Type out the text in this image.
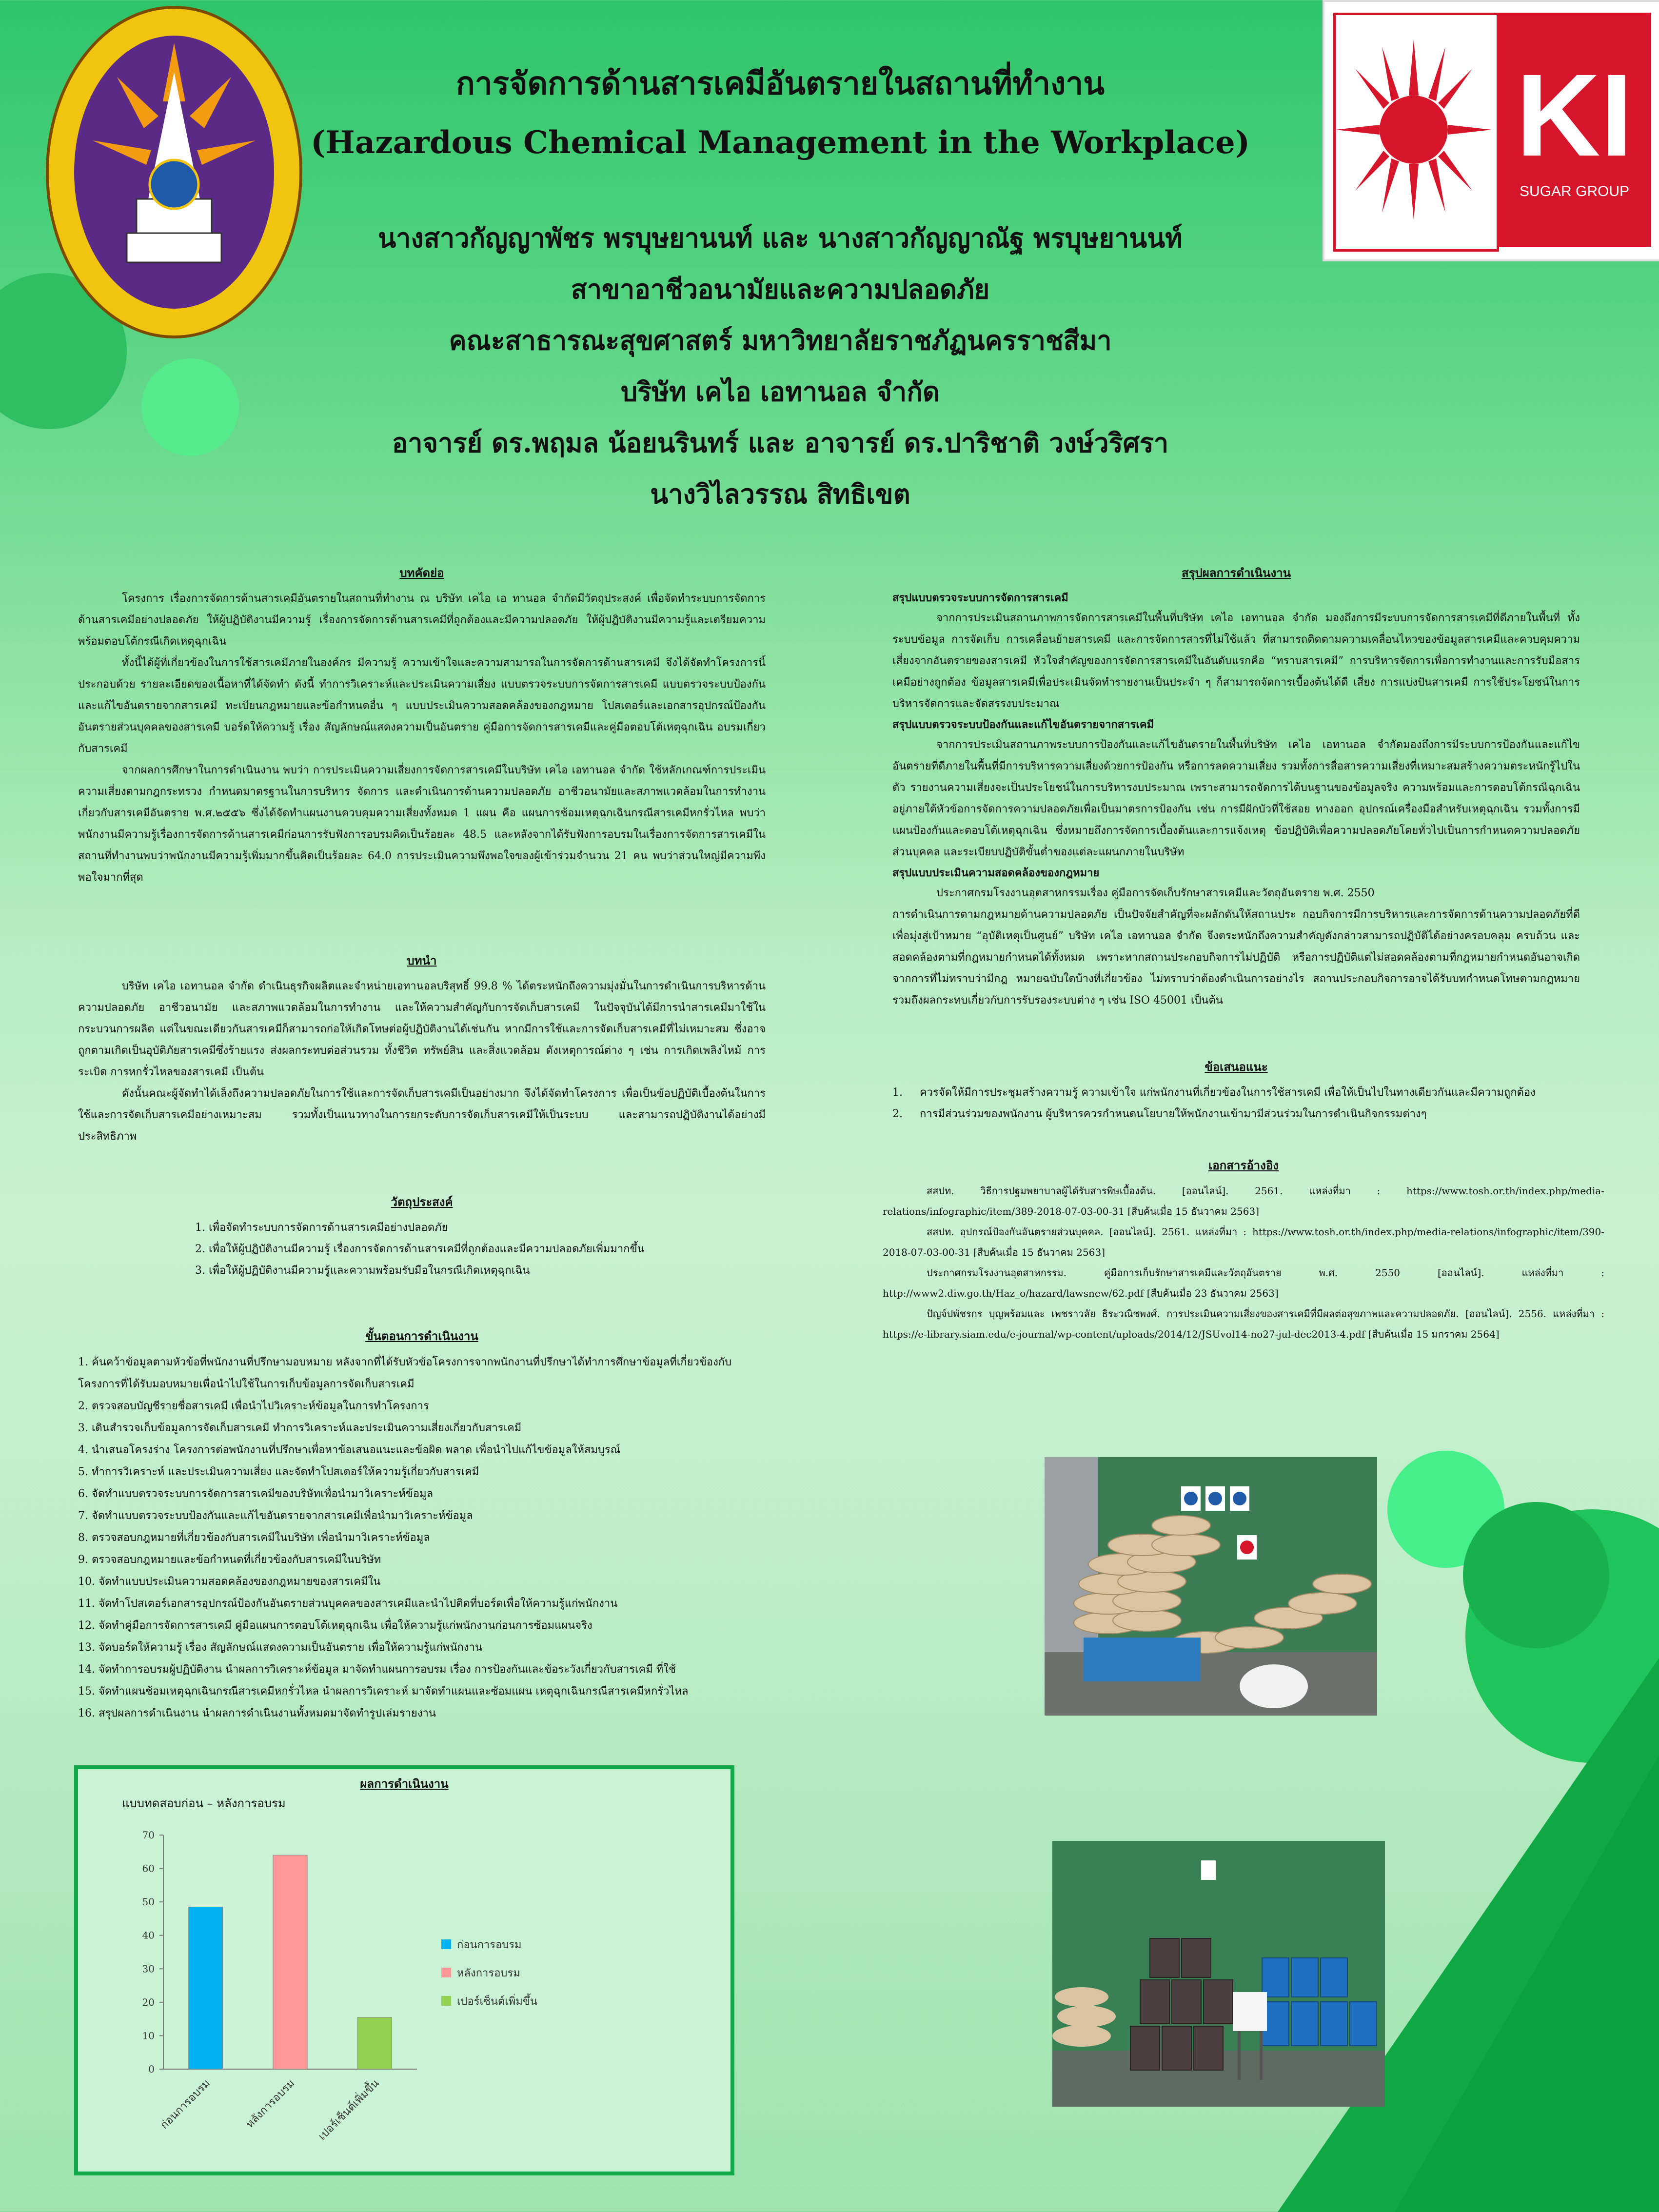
KI
SUGAR GROUP
การจัดการด้านสารเคมีอันตรายในสถานที่ทำงาน
(Hazardous Chemical Management in the Workplace)
นางสาวกัญญาพัชร พรบุษยานนท์ และ นางสาวกัญญาณัฐ พรบุษยานนท์
สาขาอาชีวอนามัยและความปลอดภัย
คณะสาธารณะสุขศาสตร์ มหาวิทยาลัยราชภัฏนครราชสีมา
บริษัท เคไอ เอทานอล จำกัด
อาจารย์ ดร.พฤมล น้อยนรินทร์ และ อาจารย์ ดร.ปาริชาติ วงษ์วริศรา
นางวิไลวรรณ สิทธิเขต
บทคัดย่อ

โครงการ เรื่องการจัดการด้านสารเคมีอันตรายในสถานที่ทำงาน ณ บริษัท เคไอ เอ ทานอล จำกัดมีวัตถุประสงค์ เพื่อจัดทำระบบการจัดการด้านสารเคมีอย่างปลอดภัย ให้ผู้ปฏิบัติงานมีความรู้ เรื่องการจัดการด้านสารเคมีที่ถูกต้องและมีความปลอดภัย ให้ผู้ปฏิบัติงานมีความรู้และเตรียมความพร้อมตอบโต้กรณีเกิดเหตุฉุกเฉิน

ทั้งนี้ได้ผู้ที่เกี่ยวข้องในการใช้สารเคมีภายในองค์กร มีความรู้ ความเข้าใจและความสามารถในการจัดการด้านสารเคมี จึงได้จัดทำโครงการนี้ประกอบด้วย รายละเอียดของเนื้อหาที่ได้จัดทำ ดังนี้ ทำการวิเคราะห์และประเมินความเสี่ยง แบบตรวจระบบการจัดการสารเคมี แบบตรวจระบบป้องกันและแก้ไขอันตรายจากสารเคมี ทะเบียนกฎหมายและข้อกำหนดอื่น ๆ แบบประเมินความสอดคล้องของกฎหมาย โปสเตอร์และเอกสารอุปกรณ์ป้องกันอันตรายส่วนบุคคลของสารเคมี บอร์ดให้ความรู้ เรื่อง สัญลักษณ์แสดงความเป็นอันตราย คู่มือการจัดการสารเคมีและคู่มือตอบโต้เหตุฉุกเฉิน อบรมเกี่ยวกับสารเคมี

จากผลการศึกษาในการดำเนินงาน พบว่า การประเมินความเสี่ยงการจัดการสารเคมีในบริษัท เคไอ เอทานอล จำกัด ใช้หลักเกณฑ์การประเมินความเสี่ยงตามกฎกระทรวง กำหนดมาตรฐานในการบริหาร จัดการ และดำเนินการด้านความปลอดภัย อาชีวอนามัยและสภาพแวดล้อมในการทำงานเกี่ยวกับสารเคมีอันตราย พ.ศ.๒๕๕๖ ซึ่งได้จัดทำแผนงานควบคุมความเสี่ยงทั้งหมด 1 แผน คือ แผนการซ้อมเหตุฉุกเฉินกรณีสารเคมีหกรั่วไหล พบว่าพนักงานมีความรู้เรื่องการจัดการด้านสารเคมีก่อนการรับฟังการอบรมคิดเป็นร้อยละ 48.5 และหลังจากได้รับฟังการอบรมในเรื่องการจัดการสารเคมีในสถานที่ทำงานพบว่าพนักงานมีความรู้เพิ่มมากขึ้นคิดเป็นร้อยละ 64.0 การประเมินความพึงพอใจของผู้เข้าร่วมจำนวน 21 คน พบว่าส่วนใหญ่มีความพึงพอใจมากที่สุด

บทนำ

บริษัท เคไอ เอทานอล จำกัด ดำเนินธุรกิจผลิตและจำหน่ายเอทานอลบริสุทธิ์ 99.8 % ได้ตระหนักถึงความมุ่งมั่นในการดำเนินการบริหารด้านความปลอดภัย อาชีวอนามัย และสภาพแวดล้อมในการทำงาน และให้ความสำคัญกับการจัดเก็บสารเคมี ในปัจจุบันได้มีการนำสารเคมีมาใช้ในกระบวนการผลิต แต่ในขณะเดียวกันสารเคมีก็สามารถก่อให้เกิดโทษต่อผู้ปฏิบัติงานได้เช่นกัน หากมีการใช้และการจัดเก็บสารเคมีที่ไม่เหมาะสม ซึ่งอาจถูกตามเกิดเป็นอุบัติภัยสารเคมีซึ่งร้ายแรง ส่งผลกระทบต่อส่วนรวม ทั้งชีวิต ทรัพย์สิน และสิ่งแวดล้อม ดังเหตุการณ์ต่าง ๆ เช่น การเกิดเพลิงไหม้ การระเบิด การหกรั่วไหลของสารเคมี เป็นต้น

ดังนั้นคณะผู้จัดทำได้เล็งถึงความปลอดภัยในการใช้และการจัดเก็บสารเคมีเป็นอย่างมาก จึงได้จัดทำโครงการ เพื่อเป็นข้อปฏิบัติเบื้องต้นในการใช้และการจัดเก็บสารเคมีอย่างเหมาะสม รวมทั้งเป็นแนวทางในการยกระดับการจัดเก็บสารเคมีให้เป็นระบบ และสามารถปฏิบัติงานได้อย่างมีประสิทธิภาพ

วัตถุประสงค์
1. เพื่อจัดทำระบบการจัดการด้านสารเคมีอย่างปลอดภัย
2. เพื่อให้ผู้ปฏิบัติงานมีความรู้ เรื่องการจัดการด้านสารเคมีที่ถูกต้องและมีความปลอดภัยเพิ่มมากขึ้น
3. เพื่อให้ผู้ปฏิบัติงานมีความรู้และความพร้อมรับมือในกรณีเกิดเหตุฉุกเฉิน
ขั้นตอนการดำเนินงาน
1. ค้นคว้าข้อมูลตามหัวข้อที่พนักงานที่ปรึกษามอบหมาย หลังจากที่ได้รับหัวข้อโครงการจากพนักงานที่ปรึกษาได้ทำการศึกษาข้อมูลที่เกี่ยวข้องกับโครงการที่ได้รับมอบหมายเพื่อนำไปใช้ในการเก็บข้อมูลการจัดเก็บสารเคมี
2. ตรวจสอบบัญชีรายชื่อสารเคมี เพื่อนำไปวิเคราะห์ข้อมูลในการทำโครงการ
3. เดินสำรวจเก็บข้อมูลการจัดเก็บสารเคมี ทำการวิเคราะห์และประเมินความเสี่ยงเกี่ยวกับสารเคมี
4. นำเสนอโครงร่าง โครงการต่อพนักงานที่ปรึกษาเพื่อหาข้อเสนอแนะและข้อผิด พลาด เพื่อนำไปแก้ไขข้อมูลให้สมบูรณ์
5. ทำการวิเคราะห์ และประเมินความเสี่ยง และจัดทำโปสเตอร์ให้ความรู้เกี่ยวกับสารเคมี
6. จัดทำแบบตรวจระบบการจัดการสารเคมีของบริษัทเพื่อนำมาวิเคราะห์ข้อมูล
7. จัดทำแบบตรวจระบบป้องกันและแก้ไขอันตรายจากสารเคมีเพื่อนำมาวิเคราะห์ข้อมูล
8. ตรวจสอบกฎหมายที่เกี่ยวข้องกับสารเคมีในบริษัท เพื่อนำมาวิเคราะห์ข้อมูล
9. ตรวจสอบกฎหมายและข้อกำหนดที่เกี่ยวข้องกับสารเคมีในบริษัท
10. จัดทำแบบประเมินความสอดคล้องของกฎหมายของสารเคมีใน
11. จัดทำโปสเตอร์เอกสารอุปกรณ์ป้องกันอันตรายส่วนบุคคลของสารเคมีและนำไปติดที่บอร์ดเพื่อให้ความรู้แก่พนักงาน
12. จัดทำคู่มือการจัดการสารเคมี คู่มือแผนการตอบโต้เหตุฉุกเฉิน เพื่อให้ความรู้แก่พนักงานก่อนการซ้อมแผนจริง
13. จัดบอร์ดให้ความรู้ เรื่อง สัญลักษณ์แสดงความเป็นอันตราย เพื่อให้ความรู้แก่พนักงาน
14. จัดทำการอบรมผู้ปฏิบัติงาน นำผลการวิเคราะห์ข้อมูล มาจัดทำแผนการอบรม เรื่อง การป้องกันและข้อระวังเกี่ยวกับสารเคมี ที่ใช้
15. จัดทำแผนซ้อมเหตุฉุกเฉินกรณีสารเคมีหกรั่วไหล นำผลการวิเคราะห์ มาจัดทำแผนและซ้อมแผน เหตุฉุกเฉินกรณีสารเคมีหกรั่วไหล
16. สรุปผลการดำเนินงาน นำผลการดำเนินงานทั้งหมดมาจัดทำรูปเล่มรายงาน
ผลการดำเนินงาน
แบบทดสอบก่อน – หลังการอบรม
0
10
20
30
40
50
60
70
ก่อนการอบรม	หลังการอบรม เปอร์เซ็นต์เพิ่มขึ้น
ก่อนการอบรม
หลังการอบรม
เปอร์เซ็นต์เพิ่มขึ้น
สรุปผลการดำเนินงาน

สรุปแบบตรวจระบบการจัดการสารเคมี

จากการประเมินสถานภาพการจัดการสารเคมีในพื้นที่บริษัท เคไอ เอทานอล จำกัด มองถึงการมีระบบการจัดการสารเคมีที่ดีภายในพื้นที่ ทั้งระบบข้อมูล การจัดเก็บ การเคลื่อนย้ายสารเคมี และการจัดการสารที่ไม่ใช้แล้ว ที่สามารถติดตามความเคลื่อนไหวของข้อมูลสารเคมีและควบคุมความเสี่ยงจากอันตรายของสารเคมี หัวใจสำคัญของการจัดการสารเคมีในอันดับแรกคือ “ทราบสารเคมี” การบริหารจัดการเพื่อการทำงานและการรับมือสารเคมีอย่างถูกต้อง ข้อมูลสารเคมีเพื่อประเมินจัดทำรายงานเป็นประจำ ๆ ก็สามารถจัดการเบื้องต้นได้ดี เสี่ยง การแบ่งปันสารเคมี การใช้ประโยชน์ในการบริหารจัดการและจัดสรรงบประมาณ

สรุปแบบตรวจระบบป้องกันและแก้ไขอันตรายจากสารเคมี

จากการประเมินสถานภาพระบบการป้องกันและแก้ไขอันตรายในพื้นที่บริษัท เคไอ เอทานอล จำกัดมองถึงการมีระบบการป้องกันและแก้ไขอันตรายที่ดีภายในพื้นที่มีการบริหารความเสี่ยงด้วยการป้องกัน หรือการลดความเสี่ยง รวมทั้งการสื่อสารความเสี่ยงที่เหมาะสมสร้างความตระหนักรู้ไปในตัว รายงานความเสี่ยงจะเป็นประโยชน์ในการบริหารงบประมาณ เพราะสามารถจัดการได้บนฐานของข้อมูลจริง ความพร้อมและการตอบโต้กรณีฉุกเฉิน อยู่ภายใต้หัวข้อการจัดการความปลอดภัยเพื่อเป็นมาตรการป้องกัน เช่น การมีฝักบัวที่ใช้สอย ทางออก อุปกรณ์เครื่องมือสำหรับเหตุฉุกเฉิน รวมทั้งการมีแผนป้องกันและตอบโต้เหตุฉุกเฉิน ซึ่งหมายถึงการจัดการเบื้องต้นและการแจ้งเหตุ ข้อปฏิบัติเพื่อความปลอดภัยโดยทั่วไปเป็นการกำหนดความปลอดภัยส่วนบุคคล และระเบียบปฏิบัติขั้นต่ำของแต่ละแผนกภายในบริษัท

สรุปแบบประเมินความสอดคล้องของกฎหมาย

ประกาศกรมโรงงานอุตสาหกรรมเรื่อง คู่มือการจัดเก็บรักษาสารเคมีและวัตถุอันตราย พ.ศ. 2550

การดำเนินการตามกฎหมายด้านความปลอดภัย เป็นปัจจัยสำคัญที่จะผลักดันให้สถานประ กอบกิจการมีการบริหารและการจัดการด้านความปลอดภัยที่ดี เพื่อมุ่งสู่เป้าหมาย “อุบัติเหตุเป็นศูนย์” บริษัท เคไอ เอทานอล จำกัด จึงตระหนักถึงความสำคัญดังกล่าวสามารถปฏิบัติได้อย่างครอบคลุม ครบถ้วน และสอดคล้องตามที่กฎหมายกำหนดได้ทั้งหมด เพราะหากสถานประกอบกิจการไม่ปฏิบัติ หรือการปฏิบัติแต่ไม่สอดคล้องตามที่กฎหมายกำหนดอันอาจเกิดจากการที่ไม่ทราบว่ามีกฎ หมายฉบับใดบ้างที่เกี่ยวข้อง ไม่ทราบว่าต้องดำเนินการอย่างไร สถานประกอบกิจการอาจได้รับบทกำหนดโทษตามกฎหมาย รวมถึงผลกระทบเกี่ยวกับการรับรองระบบต่าง ๆ เช่น ISO 45001 เป็นต้น

ข้อเสนอแนะ
1.     ควรจัดให้มีการประชุมสร้างความรู้ ความเข้าใจ แก่พนักงานที่เกี่ยวข้องในการใช้สารเคมี เพื่อให้เป็นไปในทางเดียวกันและมีความถูกต้อง
2.     การมีส่วนร่วมของพนักงาน ผู้บริหารควรกำหนดนโยบายให้พนักงานเข้ามามีส่วนร่วมในการดำเนินกิจกรรมต่างๆ
เอกสารอ้างอิง

สสปท. วิธีการปฐมพยาบาลผู้ได้รับสารพิษเบื้องต้น. [ออนไลน์]. 2561. แหล่งที่มา : https://www.tosh.or.th/index.php/media-relations/infographic/item/389-2018-07-03-00-31 [สืบค้นเมื่อ 15 ธันวาคม 2563]

สสปท. อุปกรณ์ป้องกันอันตรายส่วนบุคคล. [ออนไลน์]. 2561. แหล่งที่มา : https://www.tosh.or.th/index.php/media-relations/infographic/item/390-2018-07-03-00-31 [สืบค้นเมื่อ 15 ธันวาคม 2563]

ประกาศกรมโรงงานอุตสาหกรรม. คู่มือการเก็บรักษาสารเคมีและวัตถุอันตราย พ.ศ. 2550 [ออนไลน์]. แหล่งที่มา : http://www2.diw.go.th/Haz_o/hazard/lawsnew/62.pdf [สืบค้นเมื่อ 23 ธันวาคม 2563]

ปัญจ์ปพัชรกร บุญพร้อมและ เพชราวลัย ธิระวณิชพงศ์. การประเมินความเสี่ยงของสารเคมีที่มีผลต่อสุขภาพและความปลอดภัย. [ออนไลน์]. 2556. แหล่งที่มา : https://e-library.siam.edu/e-journal/wp-content/uploads/2014/12/JSUvol14-no27-jul-dec2013-4.pdf [สืบค้นเมื่อ 15 มกราคม 2564]
